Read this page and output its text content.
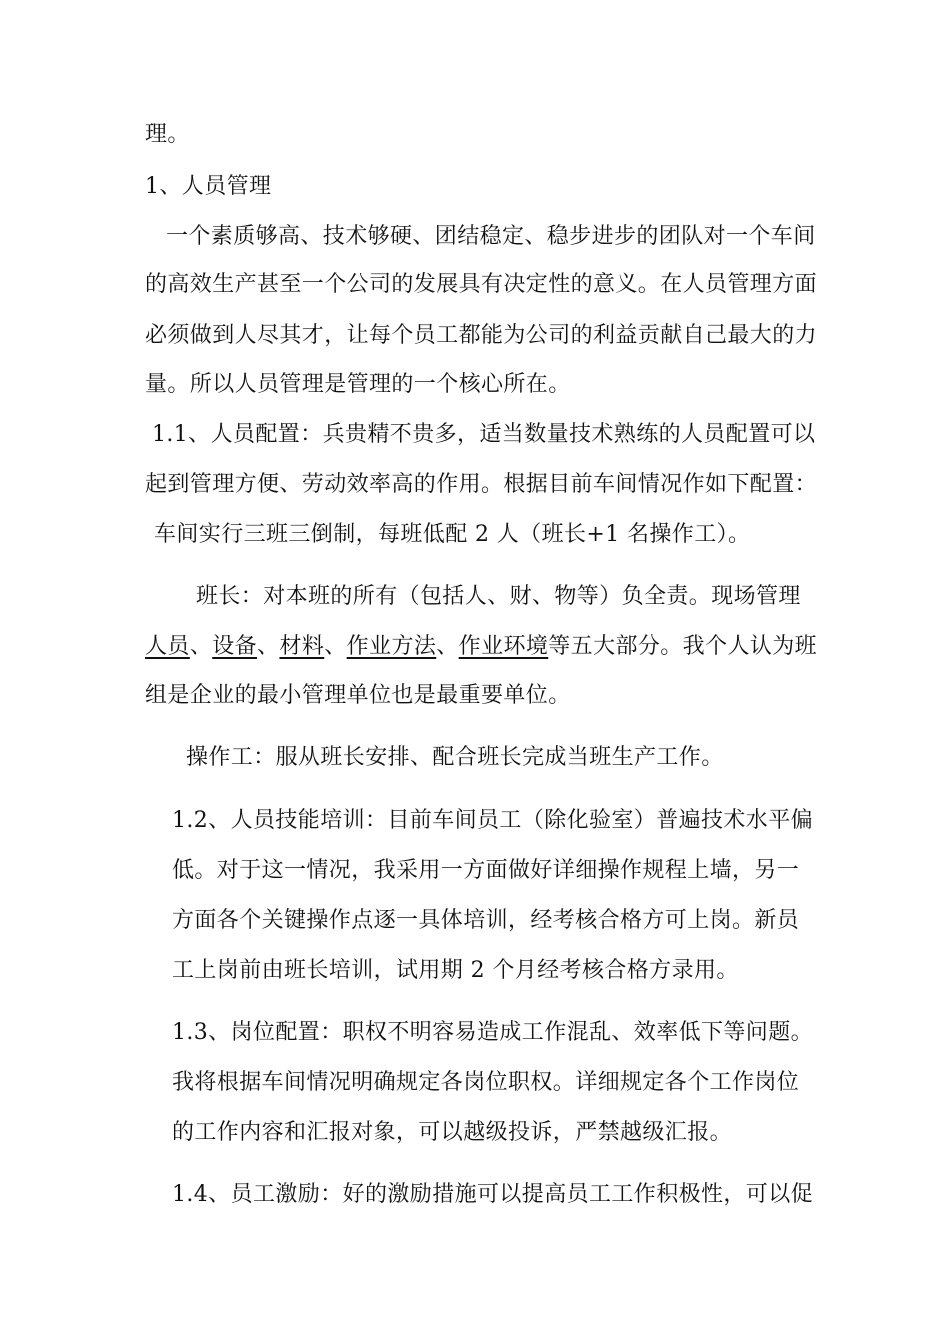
理。
1、人员管理
一个素质够高、技术够硬、团结稳定、稳步进步的团队对一个车间
的高效生产甚至一个公司的发展具有决定性的意义。在人员管理方面
必须做到人尽其才，让每个员工都能为公司的利益贡献自己最大的力
量。所以人员管理是管理的一个核心所在。
1.1、人员配置：兵贵精不贵多，适当数量技术熟练的人员配置可以
起到管理方便、劳动效率高的作用。根据目前车间情况作如下配置：
车间实行三班三倒制，每班低配 2 人（班长+1 名操作工）。
班长：对本班的所有（包括人、财、物等）负全责。现场管理
人员、设备、材料、作业方法、作业环境等五大部分。我个人认为班
组是企业的最小管理单位也是最重要单位。
操作工：服从班长安排、配合班长完成当班生产工作。
1.2、人员技能培训：目前车间员工（除化验室）普遍技术水平偏
低。对于这一情况，我采用一方面做好详细操作规程上墙，另一
方面各个关键操作点逐一具体培训，经考核合格方可上岗。新员
工上岗前由班长培训，试用期 2 个月经考核合格方录用。
1.3、岗位配置：职权不明容易造成工作混乱、效率低下等问题。
我将根据车间情况明确规定各岗位职权。详细规定各个工作岗位
的工作内容和汇报对象，可以越级投诉，严禁越级汇报。
1.4、员工激励：好的激励措施可以提高员工工作积极性，可以促
